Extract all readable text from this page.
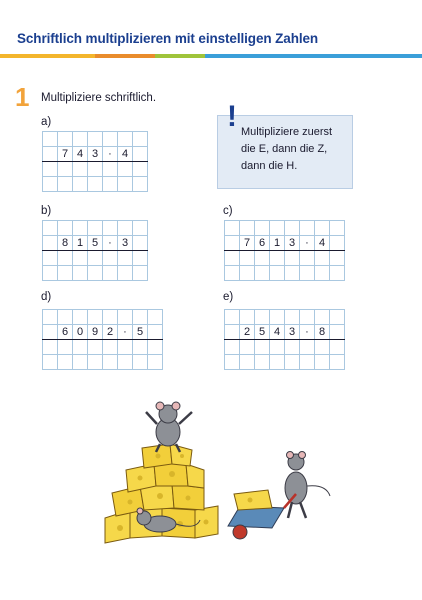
Schriftlich multiplizieren mit einstelligen Zahlen
1 Multipliziere schriftlich.
! Multipliziere zuerst die E, dann die Z, dann die H.
a)

	7	4	3	·	4	

b)

	8	1	5	·	3	

c)

	7	6	1	3	·	4	

d)

	6	0	9	2	·	5	

e)

	2	5	4	3	·	8	
